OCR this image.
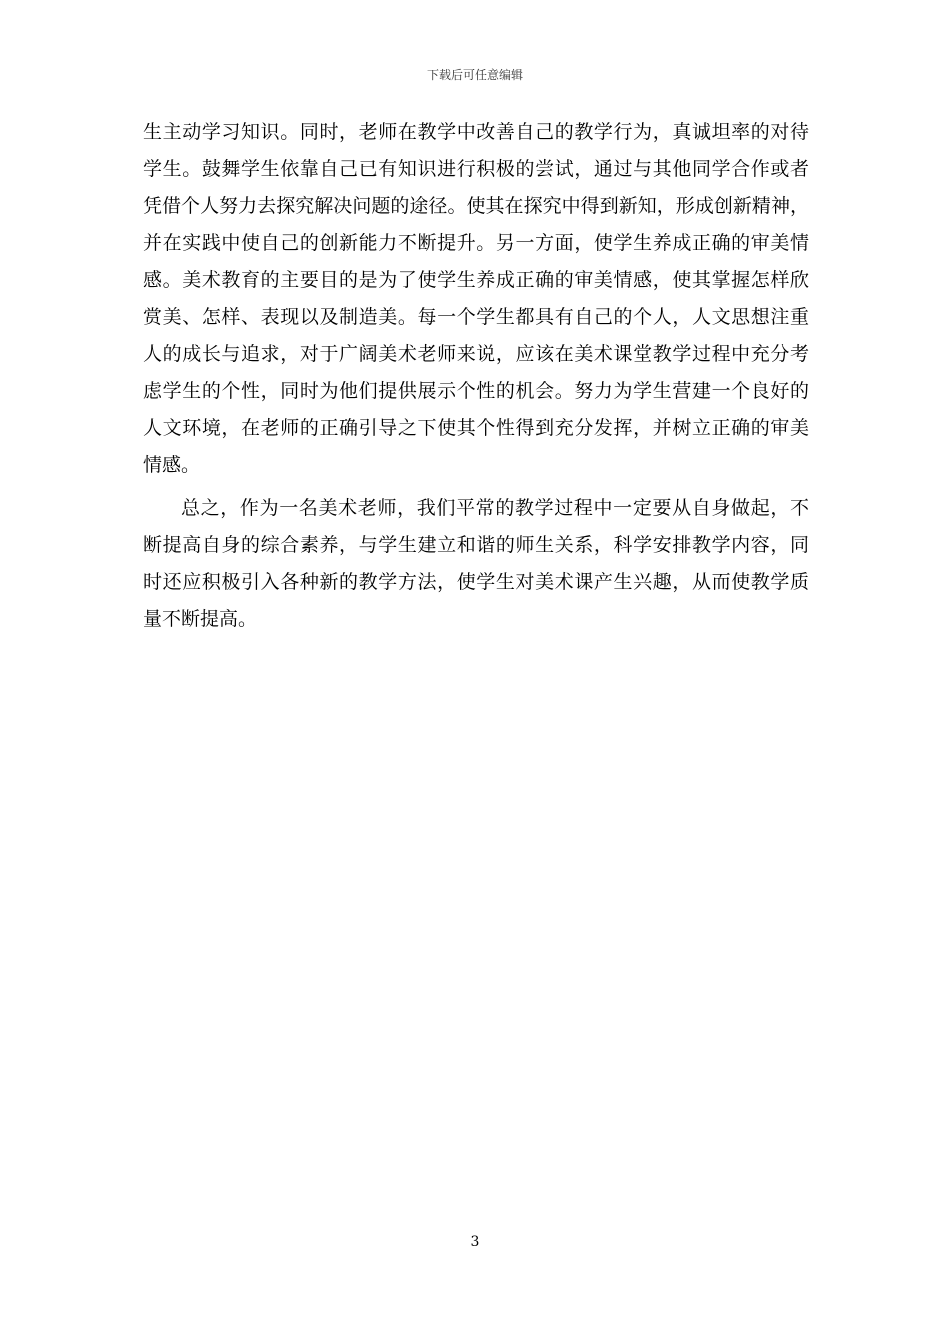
下载后可任意编辑
生主动学习知识。同时，老师在教学中改善自己的教学行为，真诚坦率的对待
学生。鼓舞学生依靠自己已有知识进行积极的尝试，通过与其他同学合作或者
凭借个人努力去探究解决问题的途径。使其在探究中得到新知，形成创新精神，
并在实践中使自己的创新能力不断提升。另一方面，使学生养成正确的审美情
感。美术教育的主要目的是为了使学生养成正确的审美情感，使其掌握怎样欣
赏美、怎样、表现以及制造美。每一个学生都具有自己的个人，人文思想注重
人的成长与追求，对于广阔美术老师来说，应该在美术课堂教学过程中充分考
虑学生的个性，同时为他们提供展示个性的机会。努力为学生营建一个良好的
人文环境，在老师的正确引导之下使其个性得到充分发挥，并树立正确的审美
情感。
总之，作为一名美术老师，我们平常的教学过程中一定要从自身做起，不
断提高自身的综合素养，与学生建立和谐的师生关系，科学安排教学内容，同
时还应积极引入各种新的教学方法，使学生对美术课产生兴趣，从而使教学质
量不断提高。
3
